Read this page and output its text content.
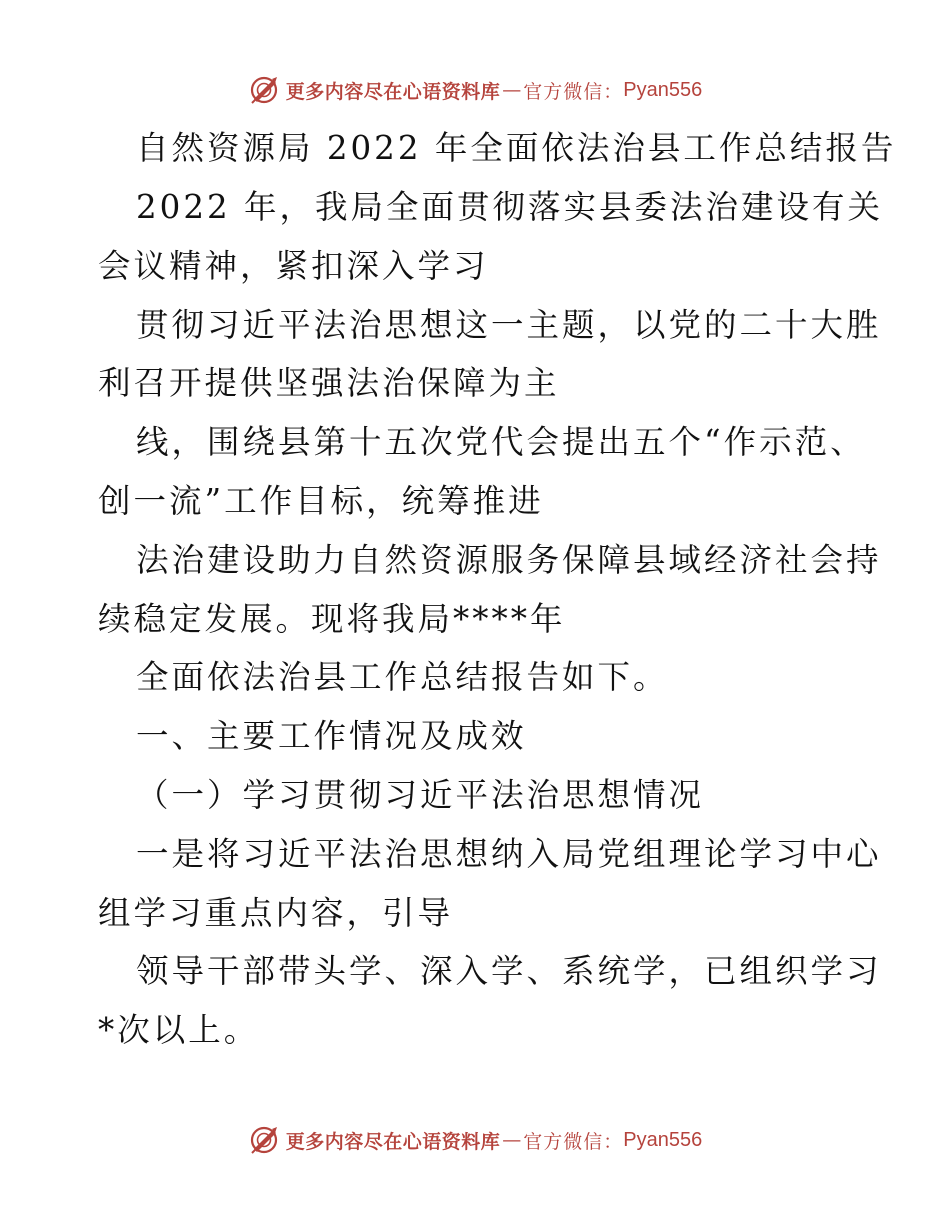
更多内容尽在心语资料库 — 官方微信： Pyan556

自然资源局 2022 年全面依法治县工作总结报告

2022 年，我局全面贯彻落实县委法治建设有关

会议精神，紧扣深入学习

贯彻习近平法治思想这一主题，以党的二十大胜

利召开提供坚强法治保障为主

线，围绕县第十五次党代会提出五个“作示范、

创一流”工作目标，统筹推进

法治建设助力自然资源服务保障县域经济社会持

续稳定发展。现将我局****年

全面依法治县工作总结报告如下。

一、主要工作情况及成效

（一）学习贯彻习近平法治思想情况

一是将习近平法治思想纳入局党组理论学习中心

组学习重点内容，引导

领导干部带头学、深入学、系统学，已组织学习

*次以上。

更多内容尽在心语资料库 — 官方微信： Pyan556
